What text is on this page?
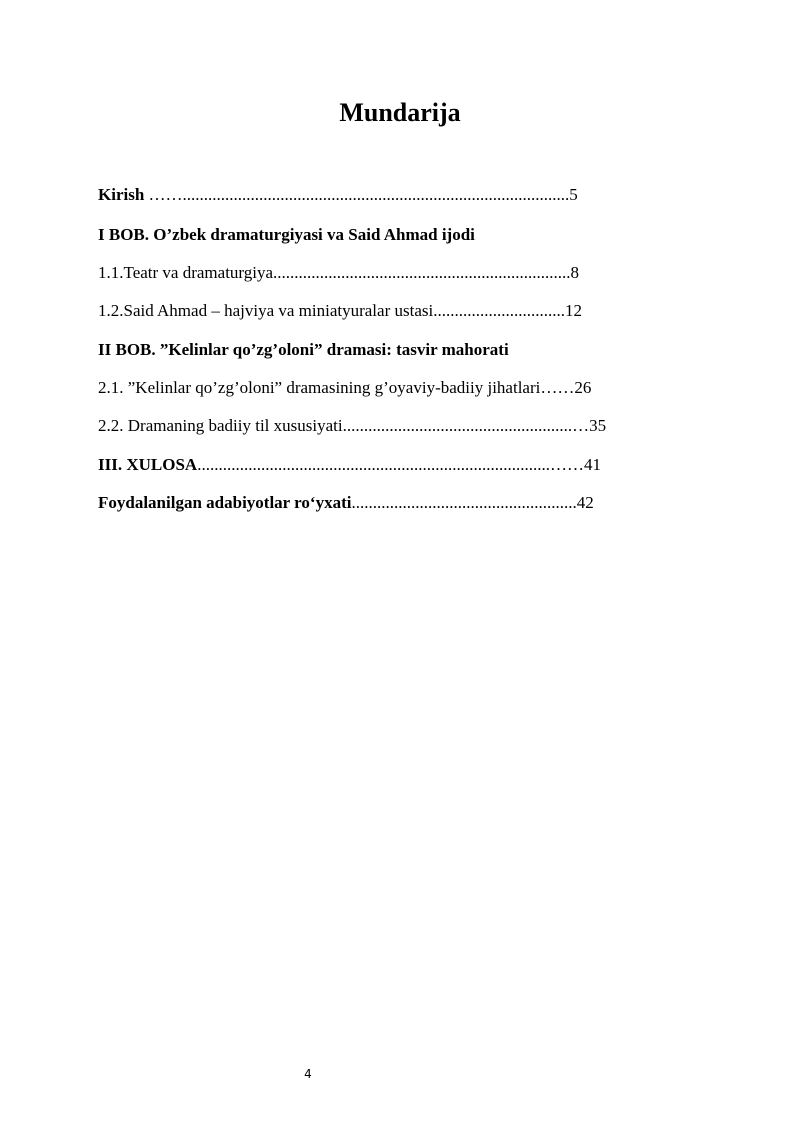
Mundarija
Kirish ……...........................................................................................5
I BOB. O’zbek dramaturgiyasi va Said Ahmad ijodi
1.1.Teatr va dramaturgiya......................................................................8
1.2.Said Ahmad – hajviya va miniatyuralar ustasi...............................12
II BOB. ”Kelinlar qo’zg’oloni” dramasi: tasvir mahorati
2.1. ”Kelinlar qo’zg’oloni” dramasining g’oyaviy-badiiy jihatlari……26
2.2. Dramaning badiiy til xususiyati......................................................…35
III. XULOSA...................................................................................……41
Foydalanilgan adabiyotlar ro‘yxati.....................................................42
4
